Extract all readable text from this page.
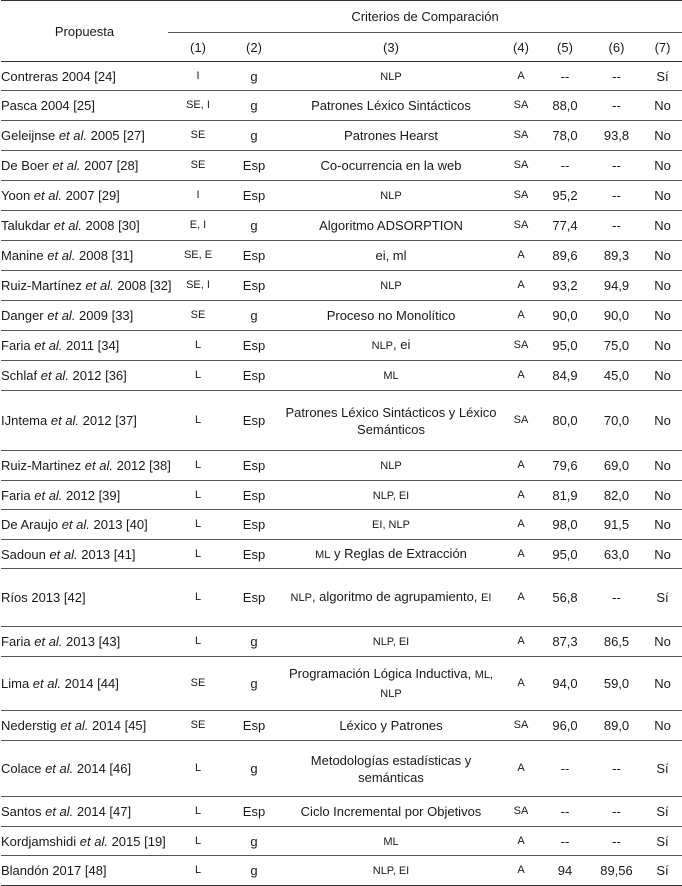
Propuesta	Criterios de Comparación						
	(1)	(2)	(3)	(4)	(5)	(6)	(7)
Contreras 2004 [24]	I	g	NLP	A	--	--	Sí
Pasca 2004 [25]	SE, I	g	Patrones Léxico Sintácticos	SA	88,0	--	No
Geleijnse et al. 2005 [27]	SE	g	Patrones Hearst	SA	78,0	93,8	No
De Boer et al. 2007 [28]	SE	Esp	Co-ocurrencia en la web	SA	--	--	No
Yoon et al. 2007 [29]	I	Esp	NLP	SA	95,2	--	No
Talukdar et al. 2008 [30]	E, I	g	Algoritmo ADSORPTION	SA	77,4	--	No
Manine et al. 2008 [31]	SE, E	Esp	ei, ml	A	89,6	89,3	No
Ruiz-Martínez et al. 2008 [32]	SE, I	Esp	NLP	A	93,2	94,9	No
Danger et al. 2009 [33]	SE	g	Proceso no Monolítico	A	90,0	90,0	No
Faria et al. 2011 [34]	L	Esp	NLP, ei	SA	95,0	75,0	No
Schlaf et al. 2012 [36]	L	Esp	ML	A	84,9	45,0	No
IJntema et al. 2012 [37]	L	Esp	Patrones Léxico Sintácticos y Léxico Semánticos	SA	80,0	70,0	No
Ruiz-Martinez et al. 2012 [38]	L	Esp	NLP	A	79,6	69,0	No
Faria et al. 2012 [39]	L	Esp	NLP, EI	A	81,9	82,0	No
De Araujo et al. 2013 [40]	L	Esp	EI, NLP	A	98,0	91,5	No
Sadoun et al. 2013 [41]	L	Esp	ML y Reglas de Extracción	A	95,0	63,0	No
Ríos 2013 [42]	L	Esp	NLP, algoritmo de agrupamiento, EI	A	56,8	--	Sí
Faria et al. 2013 [43]	L	g	NLP, EI	A	87,3	86,5	No
Lima et al. 2014 [44]	SE	g	Programación Lógica Inductiva, ML, NLP	A	94,0	59,0	No
Nederstig et al. 2014 [45]	SE	Esp	Léxico y Patrones	SA	96,0	89,0	No
Colace et al. 2014 [46]	L	g	Metodologías estadísticas y semánticas	A	--	--	Sí
Santos et al. 2014 [47]	L	Esp	Ciclo Incremental por Objetivos	SA	--	--	Sí
Kordjamshidi et al. 2015 [19]	L	g	ML	A	--	--	Sí
Blandón 2017 [48]	L	g	NLP, EI	A	94	89,56	Sí
